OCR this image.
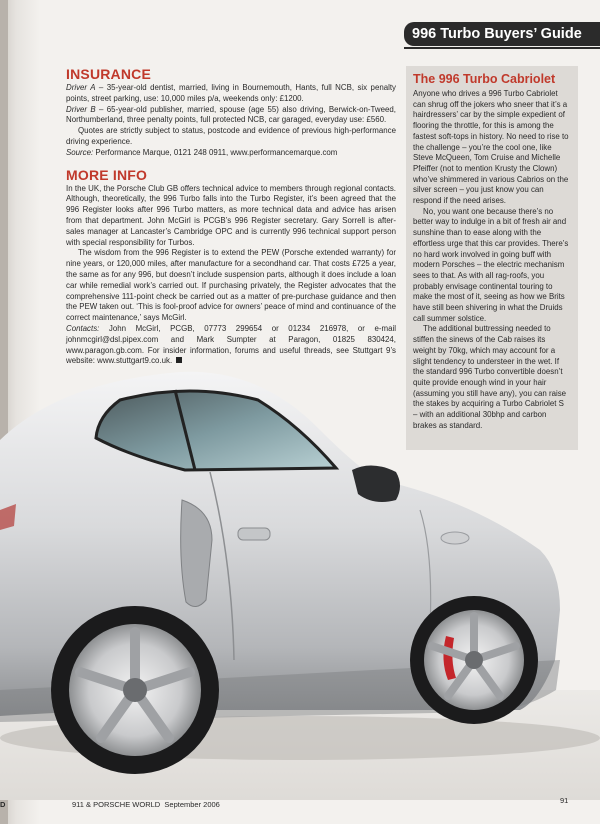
996 Turbo Buyers’ Guide
INSURANCE

Driver A – 35-year-old dentist, married, living in Bournemouth, Hants, full NCB, six penalty points, street parking, use: 10,000 miles p/a, weekends only: £1200.

Driver B – 65-year-old publisher, married, spouse (age 55) also driving, Berwick-on-Tweed, Northumberland, three penalty points, full protected NCB, car garaged, everyday use: £560.

Quotes are strictly subject to status, postcode and evidence of previous high-performance driving experience.

Source: Performance Marque, 0121 248 0911, www.performancemarque.com

MORE INFO

In the UK, the Porsche Club GB offers technical advice to members through regional contacts. Although, theoretically, the 996 Turbo falls into the Turbo Register, it’s been agreed that the 996 Register looks after 996 Turbo matters, as more technical data and advice has arisen from that department. John McGirl is PCGB’s 996 Register secretary. Gary Sorrell is after-sales manager at Lancaster’s Cambridge OPC and is currently 996 technical support person with special responsibility for Turbos.

The wisdom from the 996 Register is to extend the PEW (Porsche extended warranty) for nine years, or 120,000 miles, after manufacture for a secondhand car. That costs £725 a year, the same as for any 996, but doesn’t include suspension parts, although it does include a loan car while remedial work’s carried out. If purchasing privately, the Register advocates that the comprehensive 111-point check be carried out as a matter of pre-purchase guidance and then the PEW taken out. ‘This is fool-proof advice for owners’ peace of mind and continuance of the correct maintenance,’ says McGirl.

Contacts: John McGirl, PCGB, 07773 299654 or 01234 216978, or e-mail johnmcgirl@dsl.pipex.com and Mark Sumpter at Paragon, 01825 830424, www.paragon.gb.com. For insider information, forums and useful threads, see Stuttgart 9’s website: www.stuttgart9.co.uk.

The 996 Turbo Cabriolet

Anyone who drives a 996 Turbo Cabriolet can shrug off the jokers who sneer that it’s a hairdressers’ car by the simple expedient of flooring the throttle, for this is among the fastest soft-tops in history. No need to rise to the challenge – you’re the cool one, like Steve McQueen, Tom Cruise and Michelle Pfeiffer (not to mention Krusty the Clown) who’ve shimmered in various Cabrios on the silver screen – you just know you can respond if the need arises.

No, you want one because there’s no better way to indulge in a bit of fresh air and sunshine than to ease along with the effortless urge that this car provides. There’s no hard work involved in going buff with modern Porsches – the electric mechanism sees to that. As with all rag-roofs, you probably envisage continental touring to make the most of it, seeing as how we Brits have still been shivering in what the Druids call summer solstice.

The additional buttressing needed to stiffen the sinews of the Cab raises its weight by 70kg, which may account for a slight tendency to understeer in the wet. If the standard 996 Turbo convertible doesn’t quite provide enough wind in your hair (assuming you still have any), you can raise the stakes by acquiring a Turbo Cabriolet S – with an additional 30bhp and carbon brakes as standard.

D	911 & PORSCHE WORLD September 2006	91
